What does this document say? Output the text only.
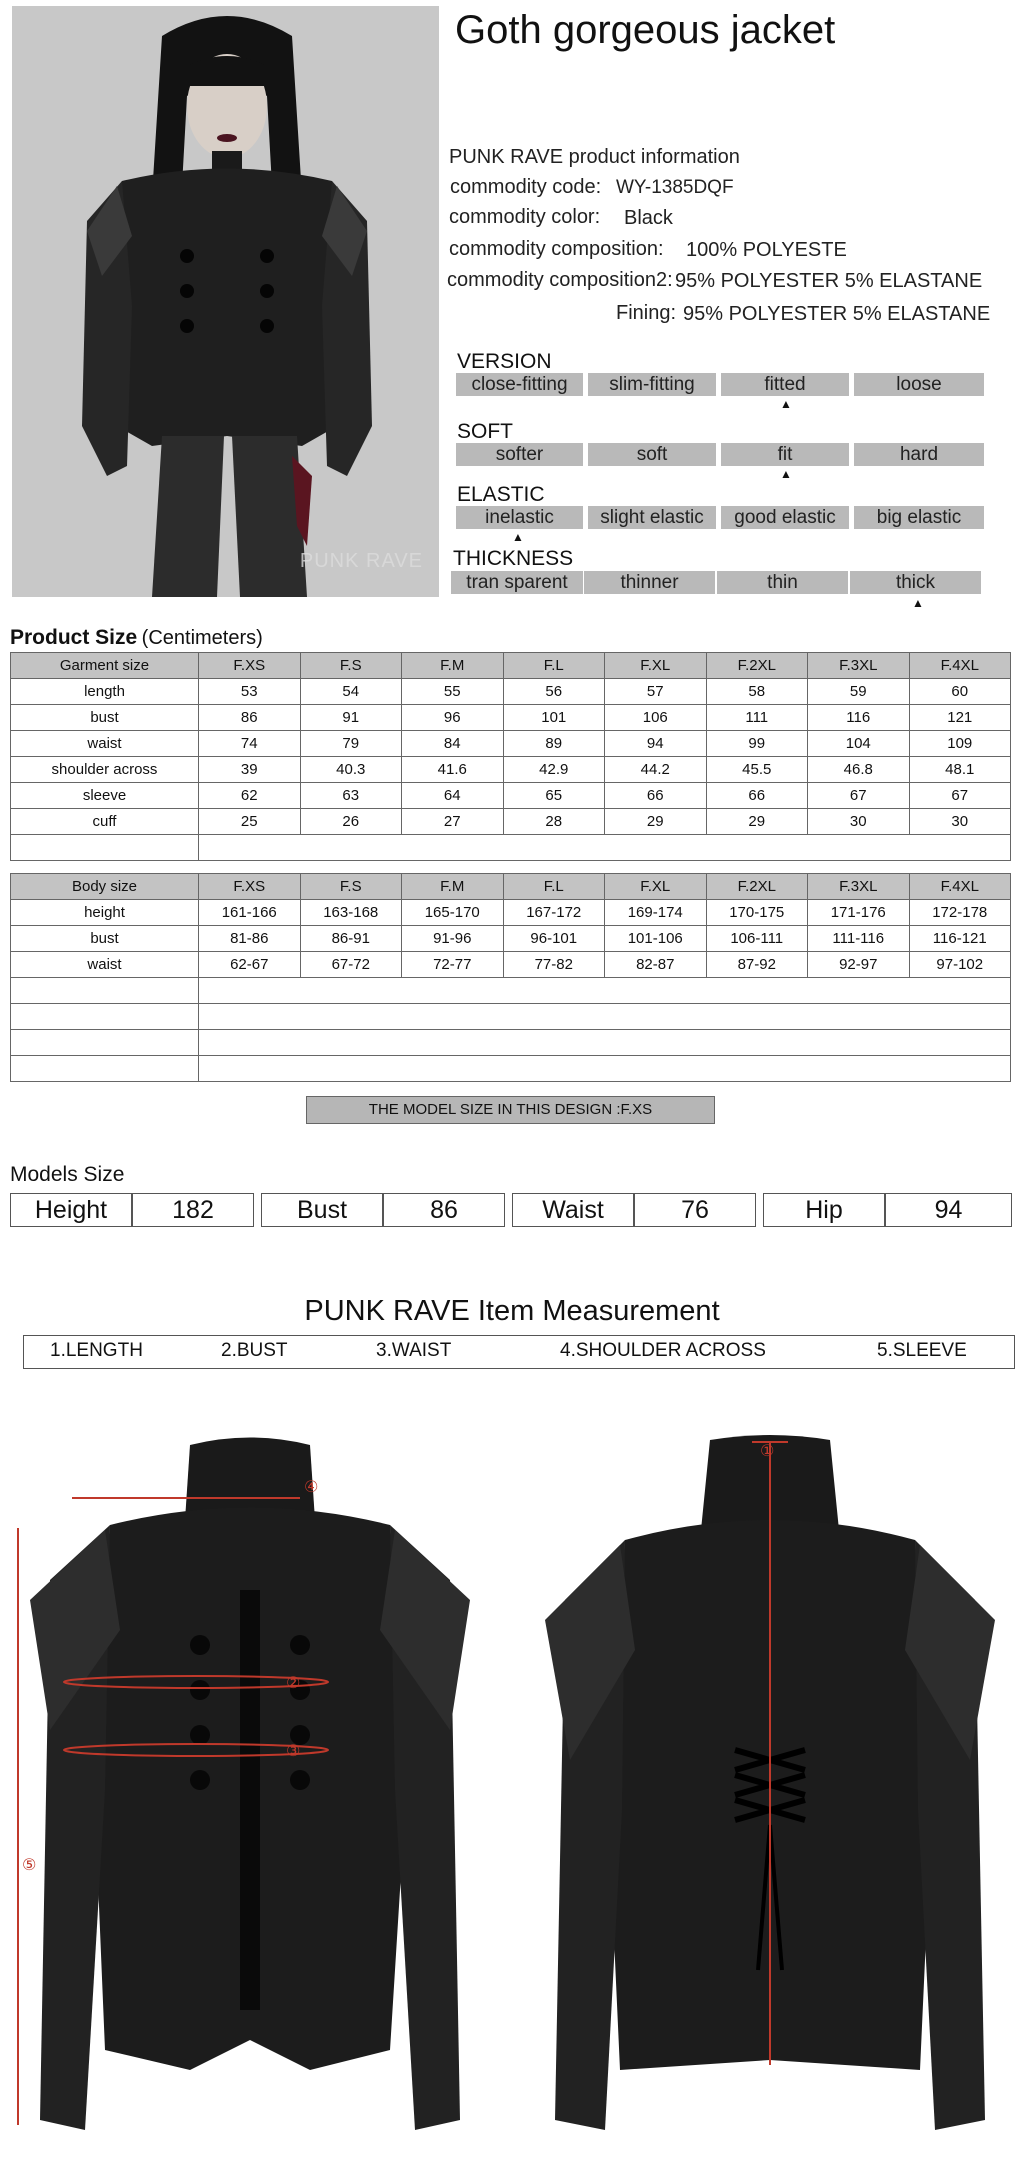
PUNK RAVE
Goth gorgeous jacket
PUNK RAVE product information
commodity code: WY-1385DQF
commodity color: Black
commodity composition: 100% POLYESTE
commodity composition2: 95% POLYESTER 5% ELASTANE
Fining: 95% POLYESTER 5% ELASTANE
VERSION
close-fitting	slim-fitting	fitted	loose
▲
SOFT
softer	soft	fit	hard
▲
ELASTIC
inelastic	slight elastic	good elastic	big elastic
▲
THICKNESS
tran sparent	thinner	thin	thick
▲
Product Size (Centimeters)
Garment size	F.XS	F.S	F.M	F.L	F.XL	F.2XL	F.3XL	F.4XL
length	53	54	55	56	57	58	59	60
bust	86	91	96	101	106	111	116	121
waist	74	79	84	89	94	99	104	109
shoulder across	39	40.3	41.6	42.9	44.2	45.5	46.8	48.1
sleeve	62	63	64	65	66	66	67	67
cuff	25	26	27	28	29	29	30	30

Body size	F.XS	F.S	F.M	F.L	F.XL	F.2XL	F.3XL	F.4XL
height	161-166	163-168	165-170	167-172	169-174	170-175	171-176	172-178
bust	81-86	86-91	91-96	96-101	101-106	106-111	111-116	116-121
waist	62-67	67-72	72-77	77-82	82-87	87-92	92-97	97-102

THE MODEL SIZE IN THIS DESIGN :F.XS
Models Size
Height	182	Bust	86	Waist	76	Hip	94
PUNK RAVE Item Measurement
1.LENGTH	2.BUST	3.WAIST	4.SHOULDER ACROSS	5.SLEEVE
④
②
③
⑤
①
